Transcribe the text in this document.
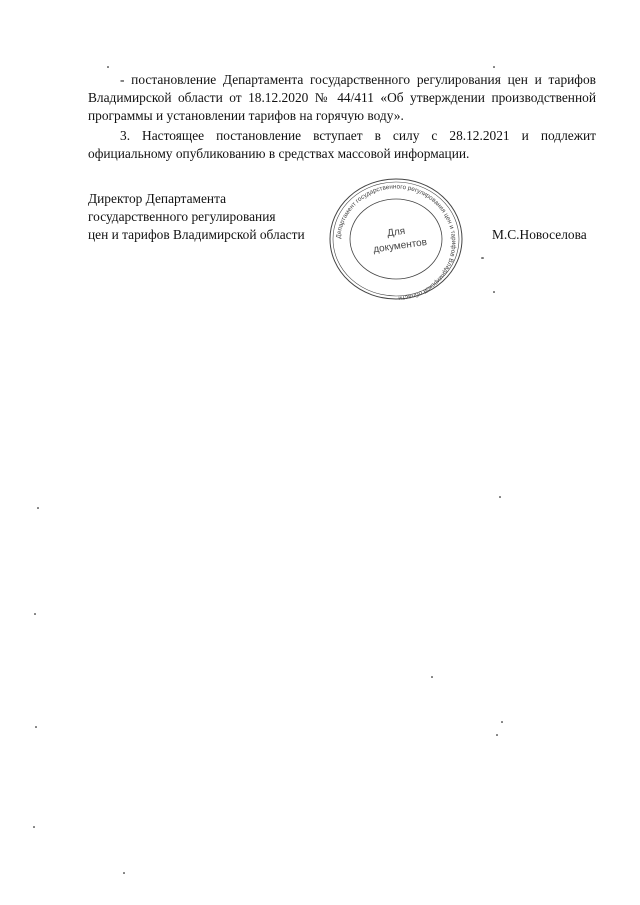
- постановление Департамента государственного регулирования цен и тарифов Владимирской области от 18.12.2020 № 44/411 «Об утверждении производственной программы и установлении тарифов на горячую воду».
3. Настоящее постановление вступает в силу с 28.12.2021 и подлежит официальному опубликованию в средствах массовой информации.
Директор Департамента
государственного регулирования
цен и тарифов Владимирской области	Департамент государственного регулирования цен и тарифов Владимирской области
Для
документов
М.С.Новоселова
